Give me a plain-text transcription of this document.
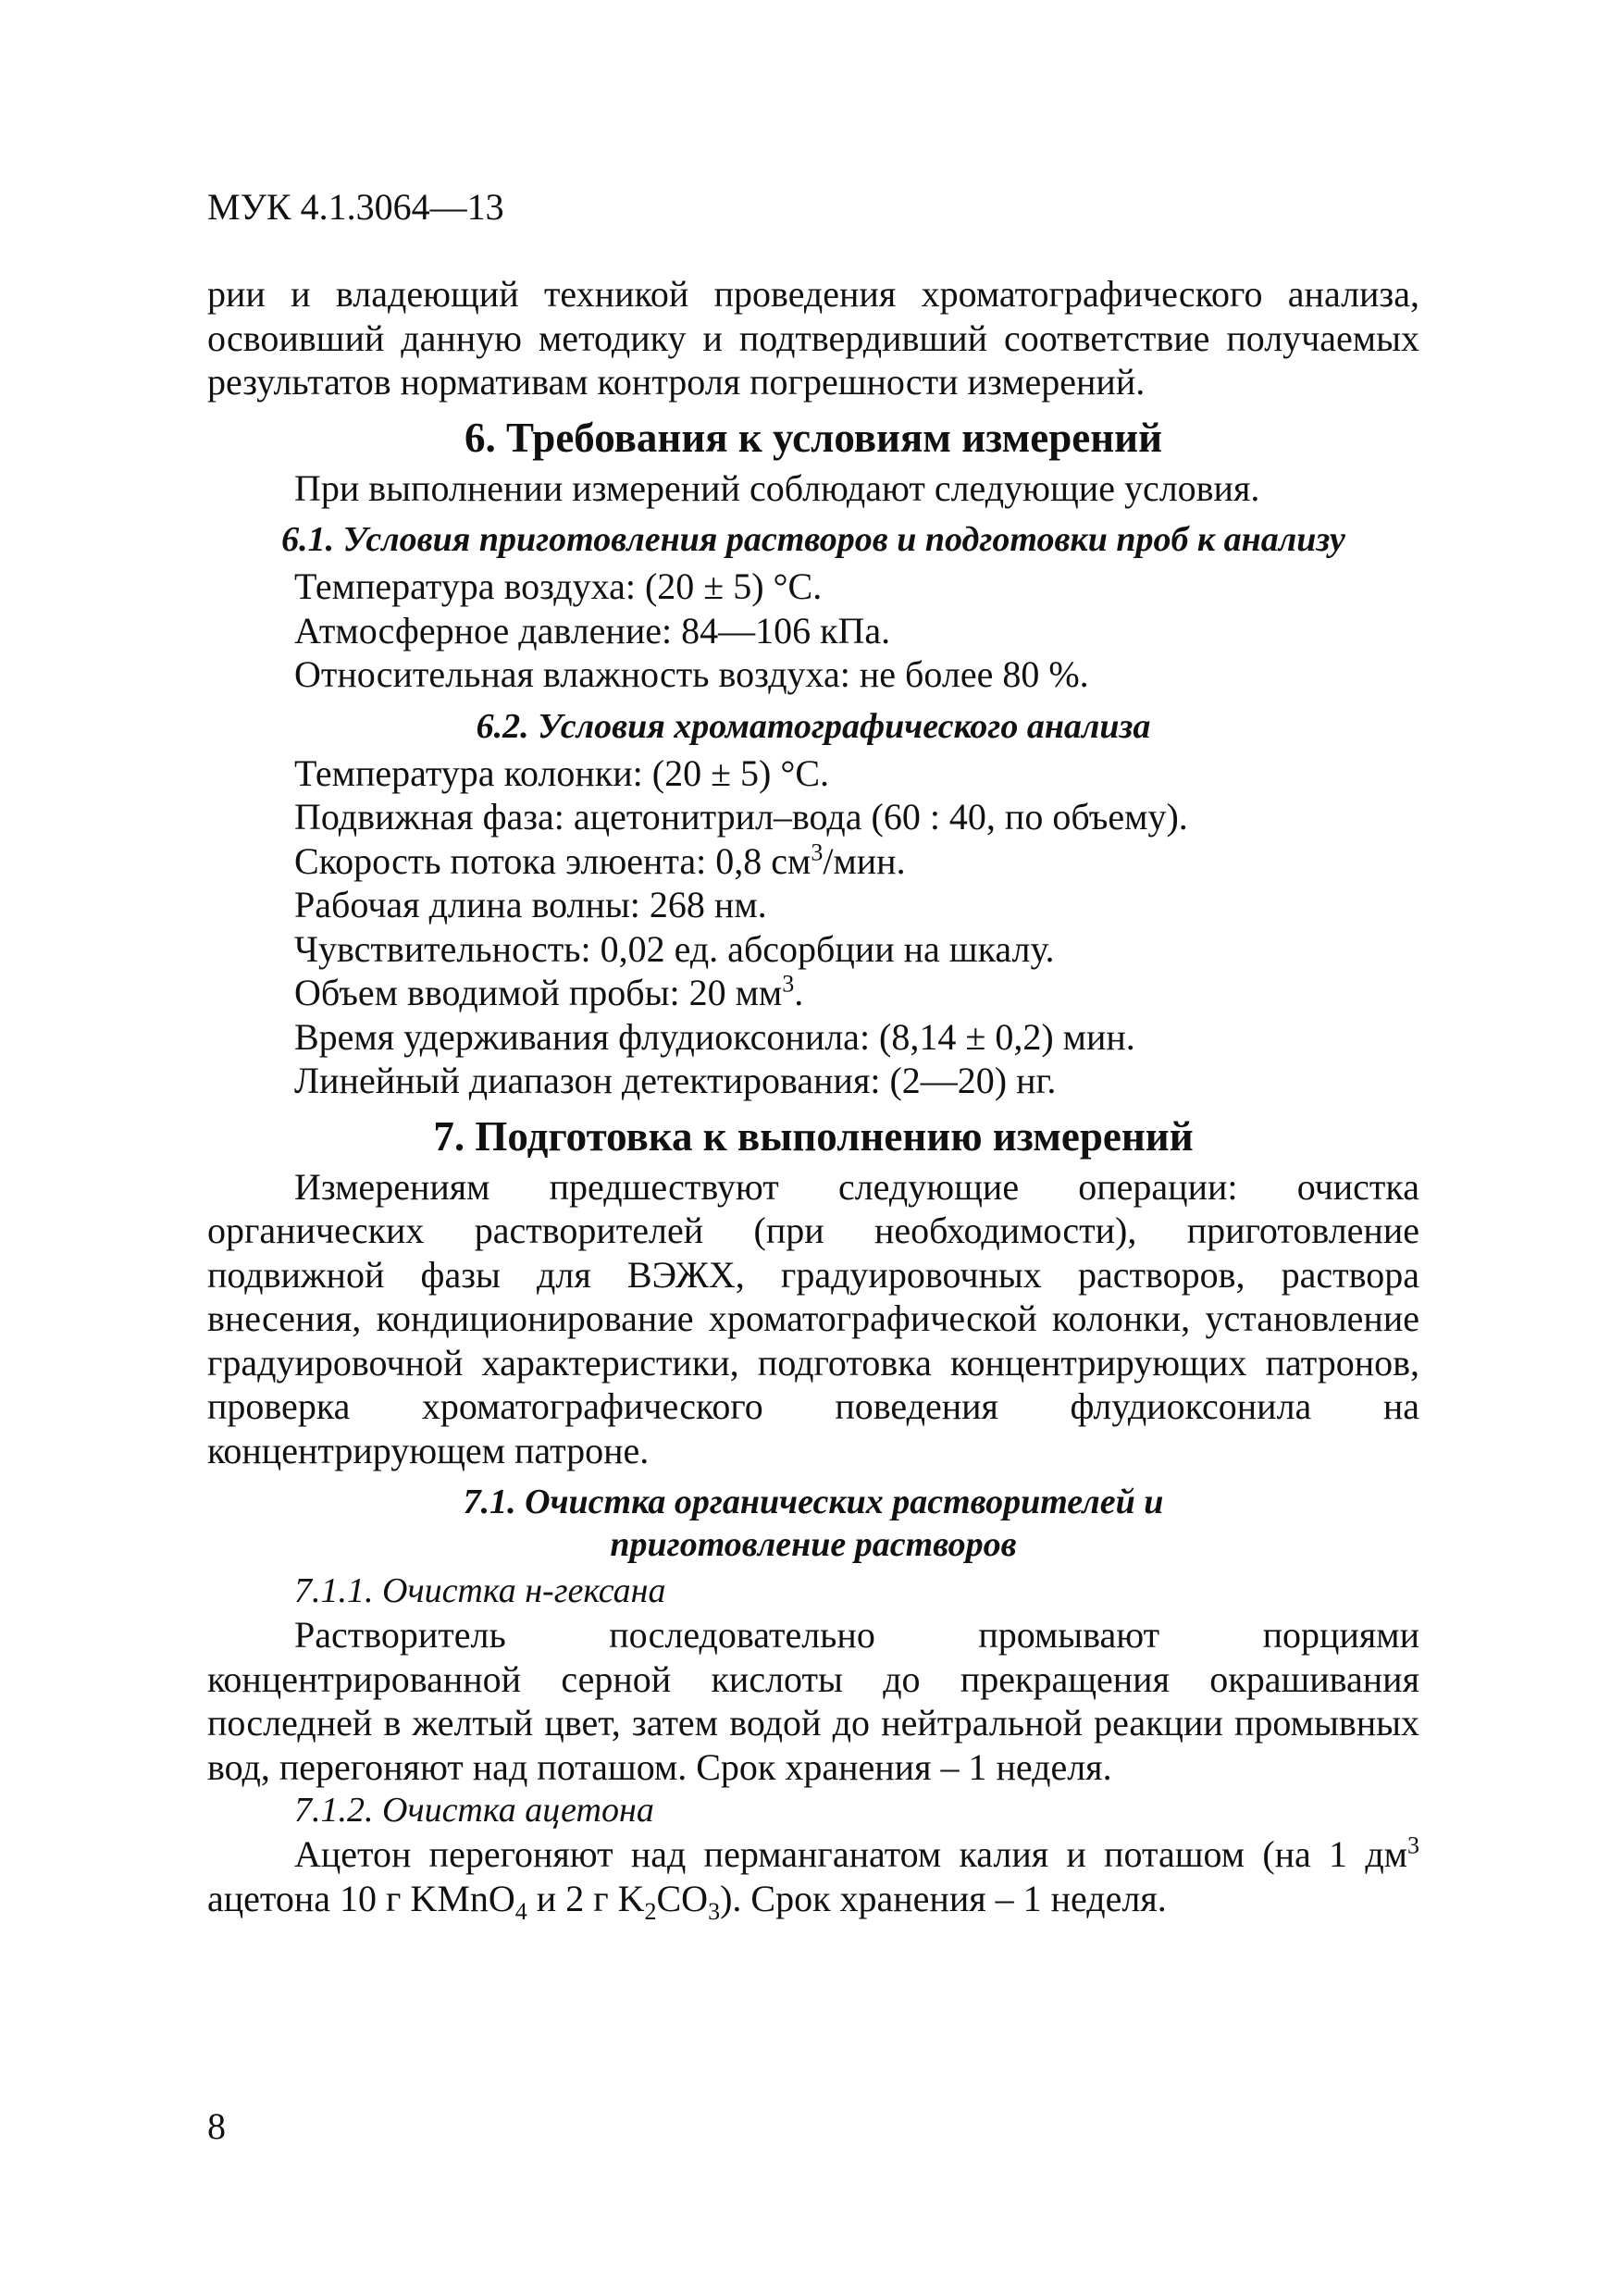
МУК 4.1.3064—13

рии и владеющий техникой проведения хроматографического анализа, освоивший данную методику и подтвердивший соответствие получаемых результатов нормативам контроля погрешности измерений.

6. Требования к условиям измерений

При выполнении измерений соблюдают следующие условия.

6.1. Условия приготовления растворов и подготовки проб к анализу
Температура воздуха: (20 ± 5) °С.
Атмосферное давление: 84—106 кПа.
Относительная влажность воздуха: не более 80 %.
6.2. Условия хроматографического анализа
Температура колонки: (20 ± 5) °С.
Подвижная фаза: ацетонитрил–вода (60 : 40, по объему).
Скорость потока элюента: 0,8 $см^3$/мин.
Рабочая длина волны: 268 нм.
Чувствительность: 0,02 ед. абсорбции на шкалу.
Объем вводимой пробы: 20 $мм^3$.
Время удерживания флудиоксонила: (8,14 ± 0,2) мин.
Линейный диапазон детектирования: (2—20) нг.
7. Подготовка к выполнению измерений

Измерениям предшествуют следующие операции: очистка органических растворителей (при необходимости), приготовление подвижной фазы для ВЭЖХ, градуировочных растворов, раствора внесения, кондиционирование хроматографической колонки, установление градуировочной характеристики, подготовка концентрирующих патронов, проверка хроматографического поведения флудиоксонила на концентрирующем патроне.

7.1. Очистка органических растворителей и
приготовление растворов
7.1.1. Очистка н-гексана

Растворитель последовательно промывают порциями концентрированной серной кислоты до прекращения окрашивания последней в желтый цвет, затем водой до нейтральной реакции промывных вод, перегоняют над поташом. Срок хранения – 1 неделя.

7.1.2. Очистка ацетона

Ацетон перегоняют над перманганатом калия и поташом (на 1 $дм^3$ ацетона 10 г KMnO$_4$ и 2 г $K_2CO_3$). Срок хранения – 1 неделя.

8
